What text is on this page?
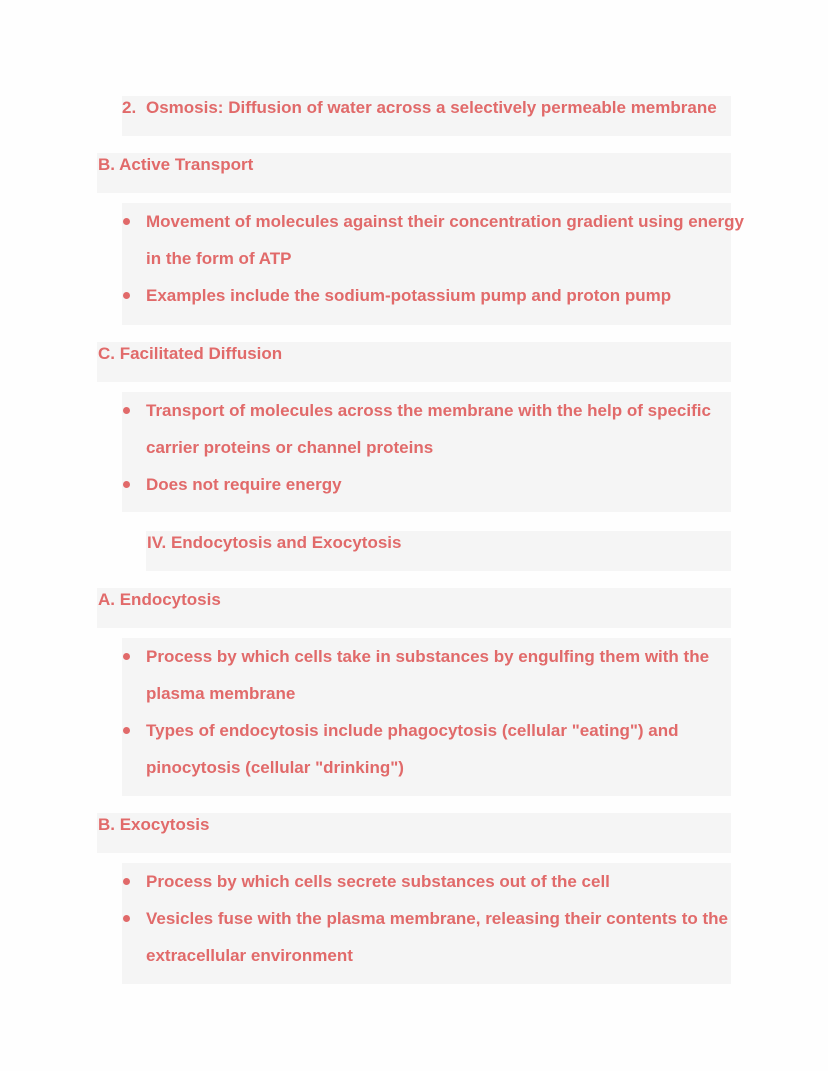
2. Osmosis: Diffusion of water across a selectively permeable membrane
B. Active Transport
Movement of molecules against their concentration gradient using energy
in the form of ATP
Examples include the sodium-potassium pump and proton pump
C. Facilitated Diffusion
Transport of molecules across the membrane with the help of specific
carrier proteins or channel proteins
Does not require energy
IV. Endocytosis and Exocytosis
A. Endocytosis
Process by which cells take in substances by engulfing them with the
plasma membrane
Types of endocytosis include phagocytosis (cellular "eating") and
pinocytosis (cellular "drinking")
B. Exocytosis
Process by which cells secrete substances out of the cell
Vesicles fuse with the plasma membrane, releasing their contents to the
extracellular environment
